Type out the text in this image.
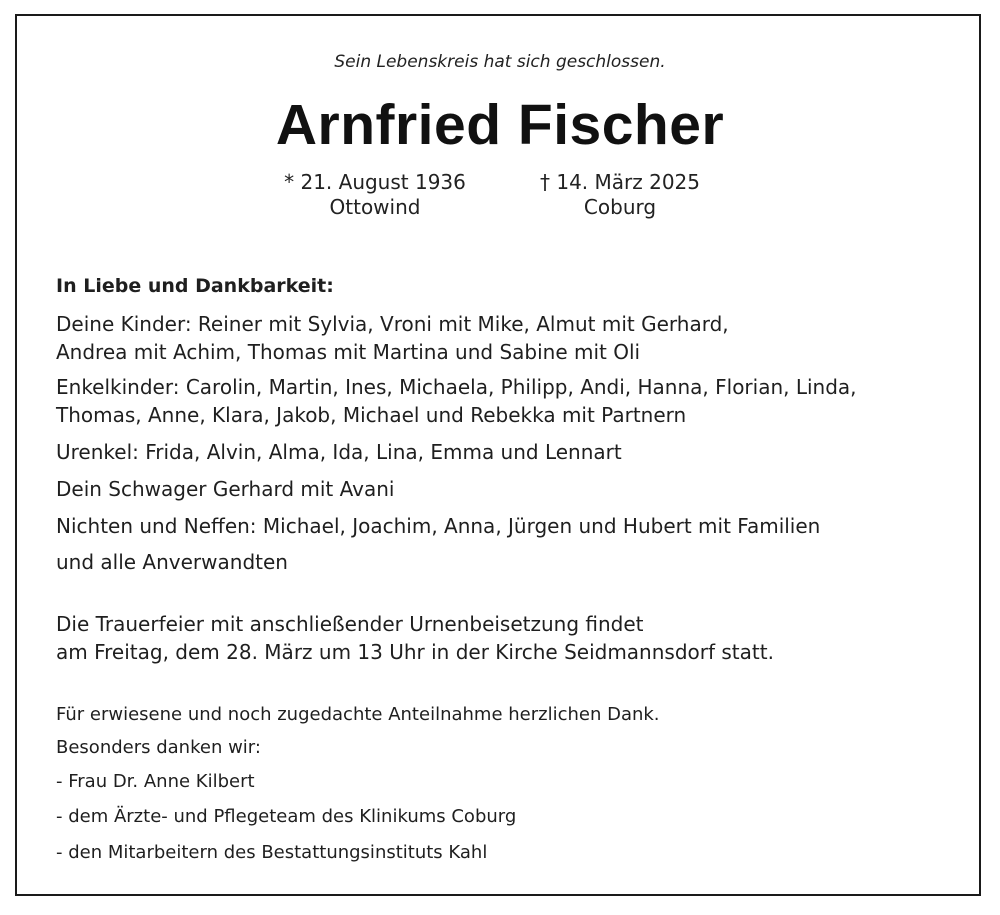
Sein Lebenskreis hat sich geschlossen.
Arnfried Fischer
* 21. August 1936
Ottowind
† 14. März 2025
Coburg
In Liebe und Dankbarkeit:
Deine Kinder: Reiner mit Sylvia, Vroni mit Mike, Almut mit Gerhard,
Andrea mit Achim, Thomas mit Martina und Sabine mit Oli
Enkelkinder: Carolin, Martin, Ines, Michaela, Philipp, Andi, Hanna, Florian, Linda,
Thomas, Anne, Klara, Jakob, Michael und Rebekka mit Partnern
Urenkel: Frida, Alvin, Alma, Ida, Lina, Emma und Lennart
Dein Schwager Gerhard mit Avani
Nichten und Neffen: Michael, Joachim, Anna, Jürgen und Hubert mit Familien
und alle Anverwandten
Die Trauerfeier mit anschließender Urnenbeisetzung findet
am Freitag, dem 28. März um 13 Uhr in der Kirche Seidmannsdorf statt.
Für erwiesene und noch zugedachte Anteilnahme herzlichen Dank.
Besonders danken wir:
- Frau Dr. Anne Kilbert
- dem Ärzte- und Pflegeteam des Klinikums Coburg
- den Mitarbeitern des Bestattungsinstituts Kahl
